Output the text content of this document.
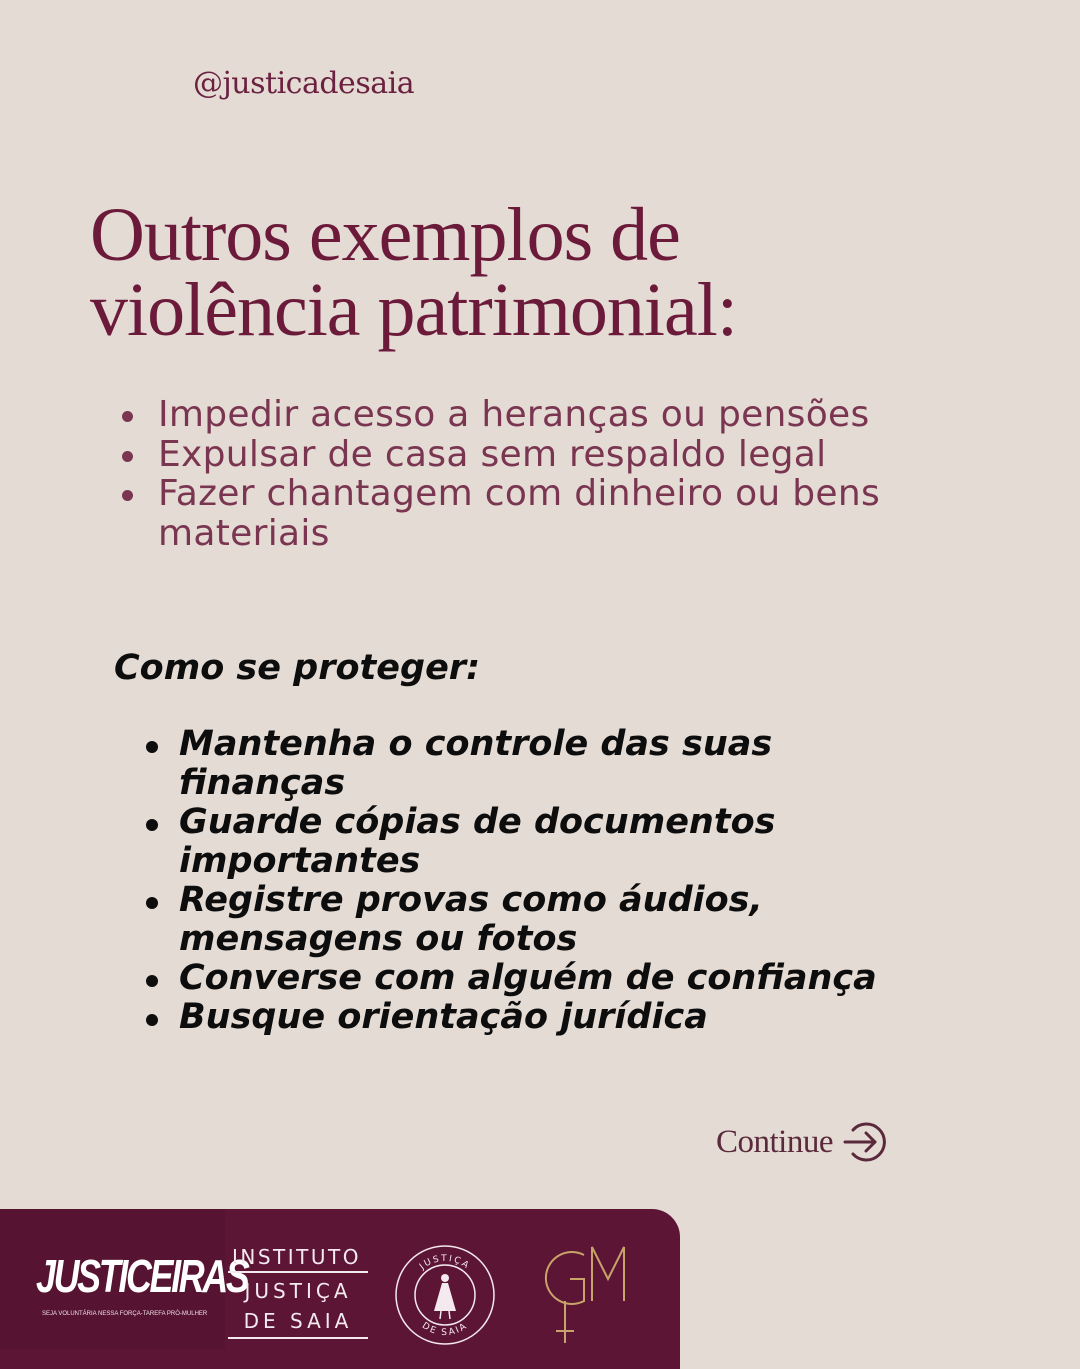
@justicadesaia
Outros exemplos de
violência patrimonial:
Impedir acesso a heranças ou pensões
Expulsar de casa sem respaldo legal
Fazer chantagem com dinheiro ou bens materiais
Como se proteger:
Mantenha o controle das suas finanças
Guarde cópias de documentos importantes
Registre provas como áudios, mensagens ou fotos
Converse com alguém de confiança
Busque orientação jurídica
Continue
JUSTICEIRAS
SEJA VOLUNTÁRIA NESSA FORÇA-TAREFA PRÓ-MULHER
INSTITUTO
JUSTIÇA
DE SAIA
JUSTIÇA
DE SAIA
